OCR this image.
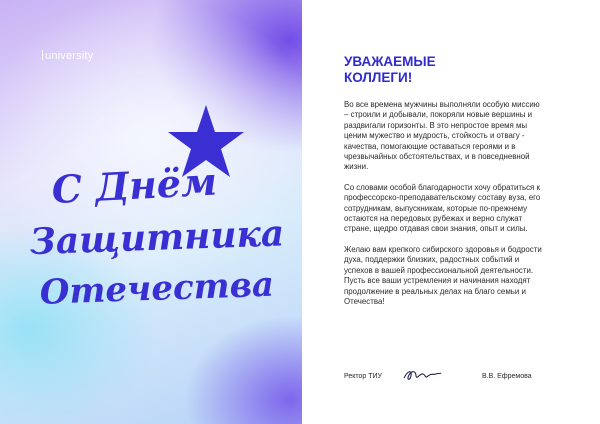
university
С Днём
Защитника
Отечества
УВАЖАЕМЫЕ КОЛЛЕГИ!

Во все времена мужчины выполняли особую миссию – строили и добывали, покоряли новые вершины и раздвигали горизонты. В это непростое время мы ценим мужество и мудрость, стойкость и отвагу - качества, помогающие оставаться героями и в чрезвычайных обстоятельствах, и в повседневной жизни.

Со словами особой благодарности хочу обратиться к профессорско-преподавательскому составу вуза, его сотрудникам, выпускникам, которые по-прежнему остаются на передовых рубежах и верно служат стране, щедро отдавая свои знания, опыт и силы.

Желаю вам крепкого сибирского здоровья и бодрости духа, поддержки близких, радостных событий и успехов в вашей профессиональной деятельности. Пусть все ваши устремления и начинания находят продолжение в реальных делах на благо семьи и Отечества!

Ректор ТИУ	В.В. Ефремова
